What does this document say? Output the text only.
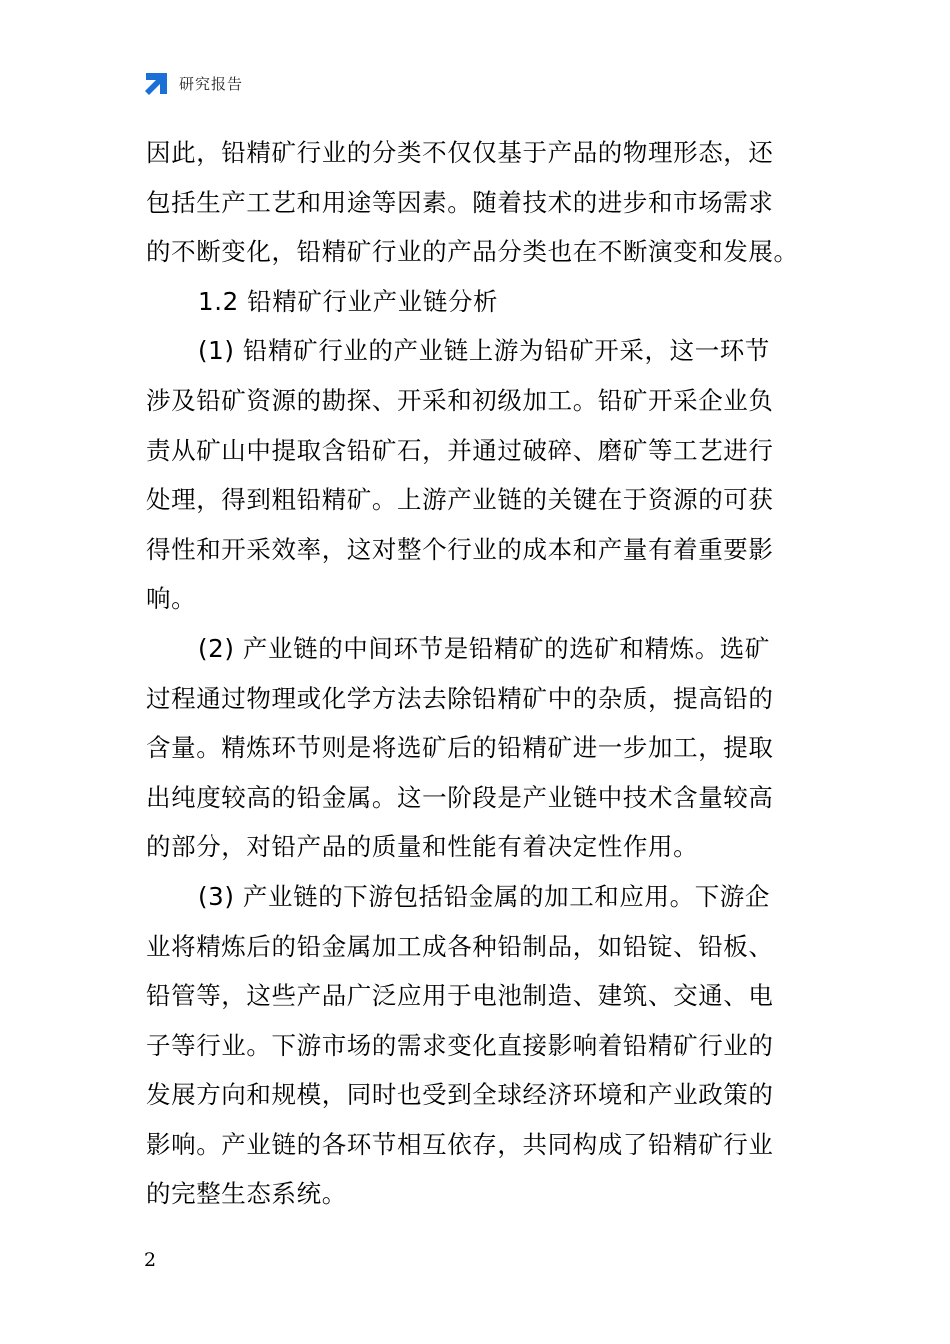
研究报告
因此，铅精矿行业的分类不仅仅基于产品的物理形态，还
包括生产工艺和用途等因素。随着技术的进步和市场需求
的不断变化，铅精矿行业的产品分类也在不断演变和发展。
1.2 铅精矿行业产业链分析
(1) 铅精矿行业的产业链上游为铅矿开采，这一环节
涉及铅矿资源的勘探、开采和初级加工。铅矿开采企业负
责从矿山中提取含铅矿石，并通过破碎、磨矿等工艺进行
处理，得到粗铅精矿。上游产业链的关键在于资源的可获
得性和开采效率，这对整个行业的成本和产量有着重要影
响。
(2) 产业链的中间环节是铅精矿的选矿和精炼。选矿
过程通过物理或化学方法去除铅精矿中的杂质，提高铅的
含量。精炼环节则是将选矿后的铅精矿进一步加工，提取
出纯度较高的铅金属。这一阶段是产业链中技术含量较高
的部分，对铅产品的质量和性能有着决定性作用。
(3) 产业链的下游包括铅金属的加工和应用。下游企
业将精炼后的铅金属加工成各种铅制品，如铅锭、铅板、
铅管等，这些产品广泛应用于电池制造、建筑、交通、电
子等行业。下游市场的需求变化直接影响着铅精矿行业的
发展方向和规模，同时也受到全球经济环境和产业政策的
影响。产业链的各环节相互依存，共同构成了铅精矿行业
的完整生态系统。
2
